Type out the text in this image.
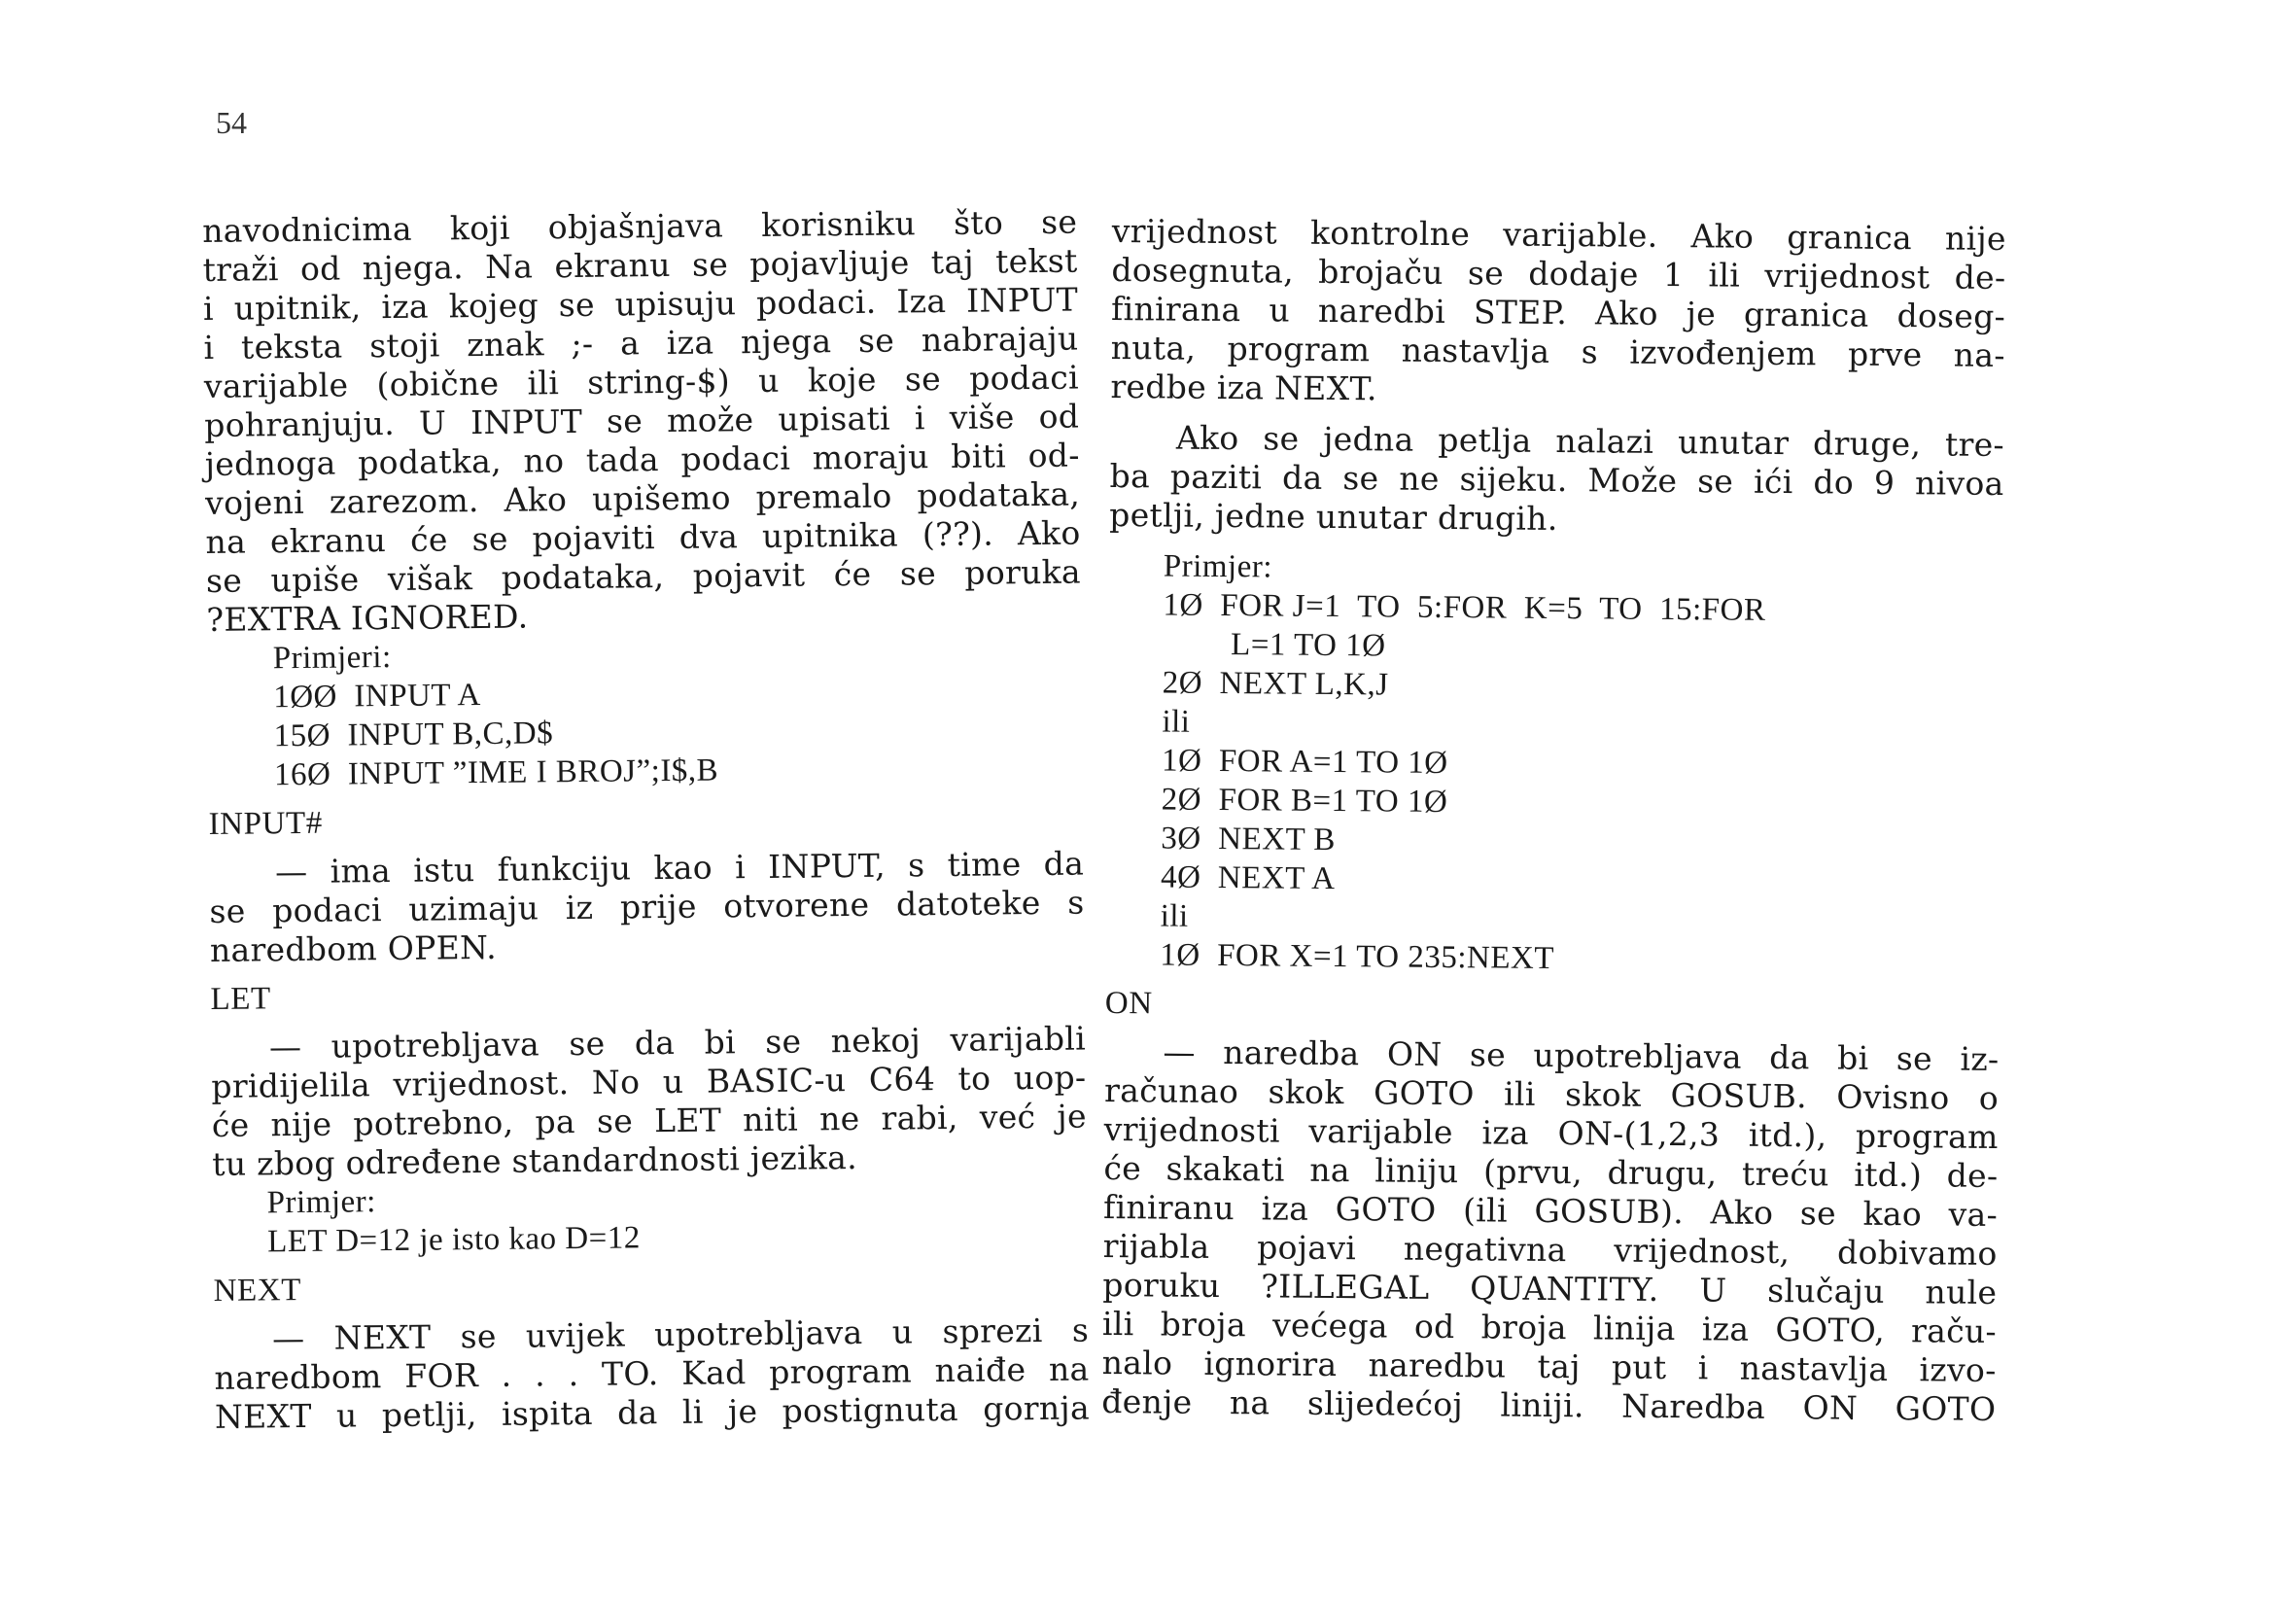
54
navodnicima koji objašnjava korisniku što se
traži od njega. Na ekranu se pojavljuje taj tekst
i upitnik, iza kojeg se upisuju podaci. Iza INPUT
i teksta stoji znak ;- a iza njega se nabrajaju
varijable (obične ili string-$) u koje se podaci
pohranjuju. U INPUT se može upisati i više od
jednoga podatka, no tada podaci moraju biti od-
vojeni zarezom. Ako upišemo premalo podataka,
na ekranu će se pojaviti dva upitnika (??). Ako
se upiše višak podataka, pojavit će se poruka
?EXTRA IGNORED.
Primjeri:
1ØØ  INPUT A
15Ø  INPUT B,C,D$
16Ø  INPUT ”IME I BROJ”;I$,B
INPUT#
— ima istu funkciju kao i INPUT, s time da
se podaci uzimaju iz prije otvorene datoteke s
naredbom OPEN.
LET
— upotrebljava se da bi se nekoj varijabli
pridijelila vrijednost. No u BASIC-u C64 to uop-
će nije potrebno, pa se LET niti ne rabi, već je
tu zbog određene standardnosti jezika.
Primjer:
LET D=12 je isto kao D=12
NEXT
— NEXT se uvijek upotrebljava u sprezi s
naredbom FOR . . . TO. Kad program naiđe na
NEXT u petlji, ispita da li je postignuta gornja
vrijednost kontrolne varijable. Ako granica nije
dosegnuta, brojaču se dodaje 1 ili vrijednost de-
finirana u naredbi STEP. Ako je granica doseg-
nuta, program nastavlja s izvođenjem prve na-
redbe iza NEXT.
Ako se jedna petlja nalazi unutar druge, tre-
ba paziti da se ne sijeku. Može se ići do 9 nivoa
petlji, jedne unutar drugih.
Primjer:
1Ø  FOR J=1  TO  5:FOR  K=5  TO  15:FOR
L=1 TO 1Ø
2Ø  NEXT L,K,J
ili
1Ø  FOR A=1 TO 1Ø
2Ø  FOR B=1 TO 1Ø
3Ø  NEXT B
4Ø  NEXT A
ili
1Ø  FOR X=1 TO 235:NEXT
ON
— naredba ON se upotrebljava da bi se iz-
računao skok GOTO ili skok GOSUB. Ovisno o
vrijednosti varijable iza ON-(1,2,3 itd.), program
će skakati na liniju (prvu, drugu, treću itd.) de-
finiranu iza GOTO (ili GOSUB). Ako se kao va-
rijabla pojavi negativna vrijednost, dobivamo
poruku ?ILLEGAL QUANTITY. U slučaju nule
ili broja većega od broja linija iza GOTO, raču-
nalo ignorira naredbu taj put i nastavlja izvo-
đenje na slijedećoj liniji. Naredba ON GOTO
